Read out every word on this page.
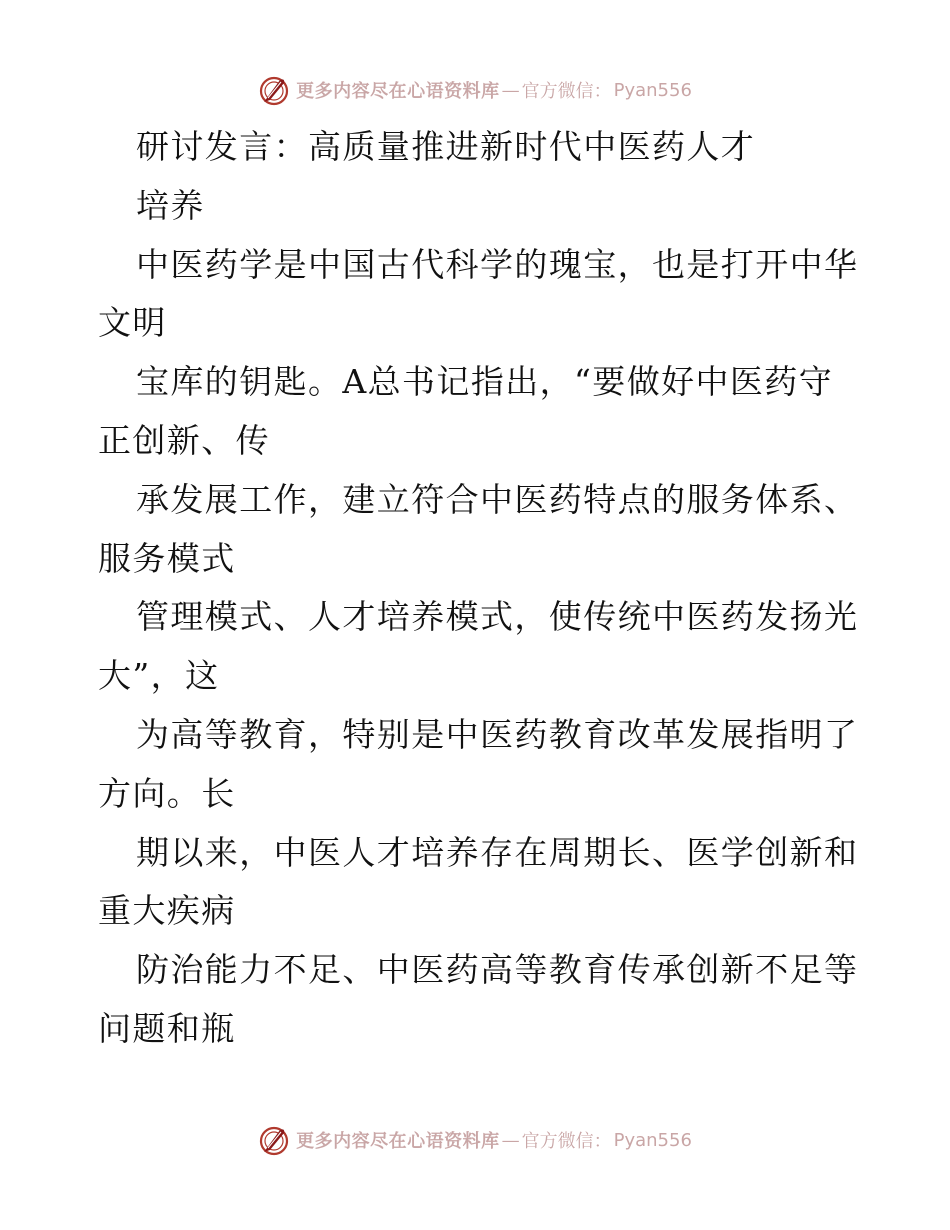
更多内容尽在心语资料库 — 官方微信： Pyan556
研讨发言：高质量推进新时代中医药人才
培养
中医药学是中国古代科学的瑰宝，也是打开中华
文明
宝库的钥匙。A总书记指出，“要做好中医药守
正创新、传
承发展工作，建立符合中医药特点的服务体系、
服务模式
管理模式、人才培养模式，使传统中医药发扬光
大”，这
为高等教育，特别是中医药教育改革发展指明了
方向。长
期以来，中医人才培养存在周期长、医学创新和
重大疾病
防治能力不足、中医药高等教育传承创新不足等
问题和瓶
更多内容尽在心语资料库 — 官方微信： Pyan556
